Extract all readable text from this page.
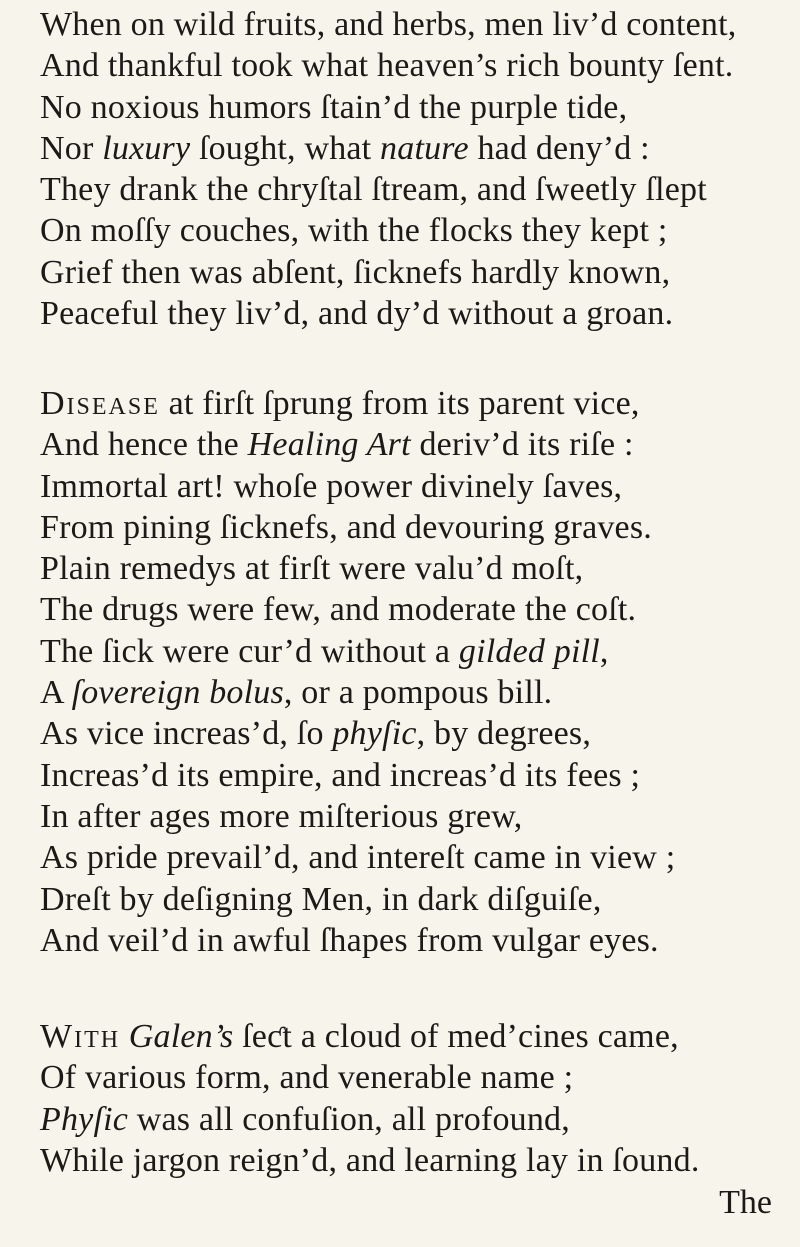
When on wild fruits, and herbs, men liv’d content,
And thankful took what heaven’s rich bounty ſent.
No noxious humors ſtain’d the purple tide,
Nor luxury ſought, what nature had deny’d :
They drank the chryſtal ſtream, and ſweetly ſlept
On moſſy couches, with the flocks they kept ;
Grief then was abſent, ſicknefs hardly known,
Peaceful they liv’d, and dy’d without a groan.
Disease at firſt ſprung from its parent vice,
And hence the Healing Art deriv’d its riſe :
Immortal art! whoſe power divinely ſaves,
From pining ſicknefs, and devouring graves.
Plain remedys at firſt were valu’d moſt,
The drugs were few, and moderate the coſt.
The ſick were cur’d without a gilded pill,
A ſovereign bolus, or a pompous bill.
As vice increas’d, ſo phyſic, by degrees,
Increas’d its empire, and increas’d its fees ;
In after ages more miſterious grew,
As pride prevail’d, and intereſt came in view ;
Dreſt by deſigning Men, in dark diſguiſe,
And veil’d in awful ſhapes from vulgar eyes.
With Galen’s ſeƈt a cloud of med’cines came,
Of various form, and venerable name ;
Phyſic was all confuſion, all profound,
While jargon reign’d, and learning lay in ſound.
The
